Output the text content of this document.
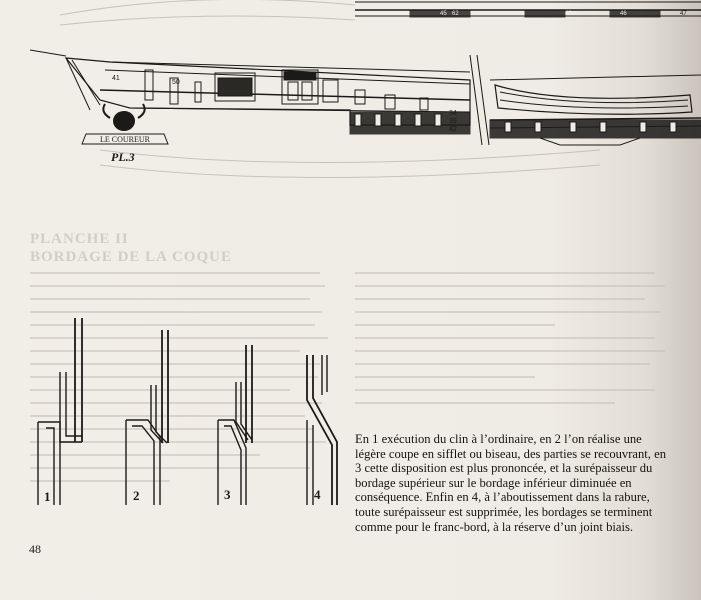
PLANCHE II
BORDAGE DE LA COQUE
LE COUREUR
41
50
34
39
42
43	46	47
45 62
PL.3
1	2	3	4
En 1 exécution du clin à l’ordinaire, en 2 l’on réalise une légère coupe en sifflet ou biseau, des parties se recouvrant, en 3 cette disposition est plus prononcée, et la surépaisseur du bordage supérieur sur le bordage inférieur diminuée en conséquence. Enfin en 4, à l’aboutissement dans la rabure, toute surépaisseur est supprimée, les bordages se terminent comme pour le franc-bord, à la réserve d’un joint biais.
48
